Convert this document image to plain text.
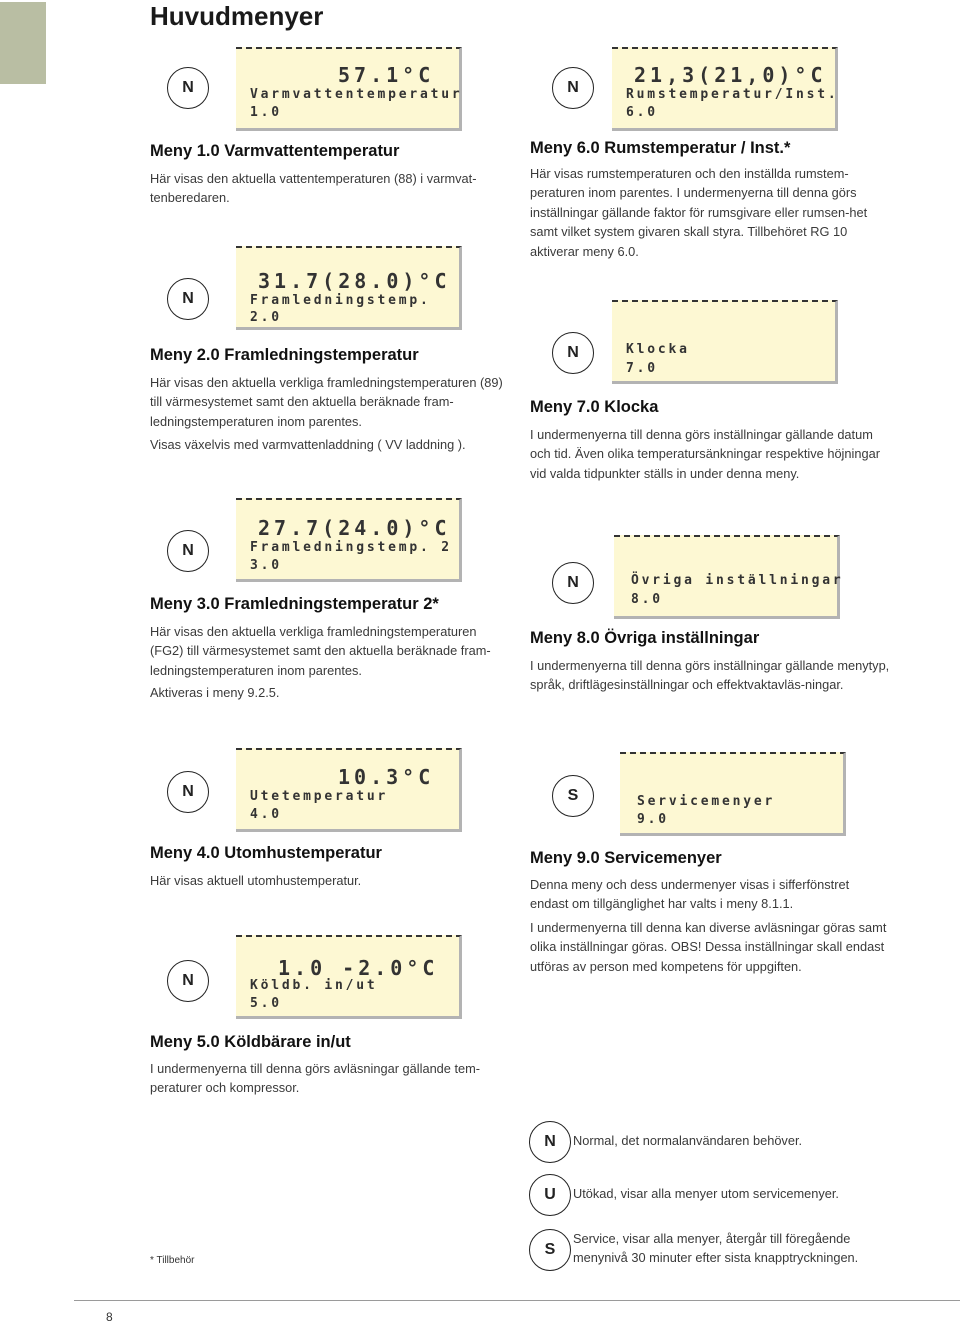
Huvudmenyer
N
57.1°C
Varmvattentemperatur
1.0
Meny 1.0 Varmvattentemperatur

Här visas den aktuella vattentemperaturen (88) i varmvat-tenberedaren.

N
31.7(28.0)°C
Framledningstemp.
2.0
Meny 2.0 Framledningstemperatur

Här visas den aktuella verkliga framledningstemperaturen (89) till värmesystemet samt den aktuella beräknade fram-ledningstemperaturen inom parentes.

Visas växelvis med varmvattenladdning ( VV laddning ).

N
27.7(24.0)°C
Framledningstemp. 2
3.0
Meny 3.0 Framledningstemperatur 2*

Här visas den aktuella verkliga framledningstemperaturen (FG2) till värmesystemet samt den aktuella beräknade fram-ledningstemperaturen inom parentes.

Aktiveras i meny 9.2.5.

N
10.3°C
Utetemperatur
4.0
Meny 4.0 Utomhustemperatur

Här visas aktuell utomhustemperatur.

N
1.0 -2.0°C
Köldb. in/ut
5.0
Meny 5.0 Köldbärare in/ut

I undermenyerna till denna görs avläsningar gällande tem-peraturer och kompressor.

N
21,3(21,0)°C
Rumstemperatur/Inst.
6.0
Meny 6.0 Rumstemperatur / Inst.*

Här visas rumstemperaturen och den inställda rumstem-peraturen inom parentes. I undermenyerna till denna görs inställningar gällande faktor för rumsgivare eller rumsen-het samt vilket system givaren skall styra. Tillbehöret RG 10 aktiverar meny 6.0.

N	Klocka
7.0
Meny 7.0 Klocka

I undermenyerna till denna görs inställningar gällande datum och tid. Även olika temperatursänkningar respektive höjningar vid valda tidpunkter ställs in under denna meny.

N	Övriga inställningar
8.0
Meny 8.0 Övriga inställningar

I undermenyerna till denna görs inställningar gällande menytyp, språk, driftlägesinställningar och effektvaktavläs-ningar.

S	Servicemenyer
9.0
Meny 9.0 Servicemenyer

Denna meny och dess undermenyer visas i sifferfönstret endast om tillgänglighet har valts i meny 8.1.1.

I undermenyerna till denna kan diverse avläsningar göras samt olika inställningar göras. OBS! Dessa inställningar skall endast utföras av person med kompetens för uppgiften.

N	Normal, det normalanvändaren behöver.

U	Utökad, visar alla menyer utom servicemenyer.

S

Service, visar alla menyer, återgår till föregående menynivå 30 minuter efter sista knapptryckningen.

* Tillbehör
8
